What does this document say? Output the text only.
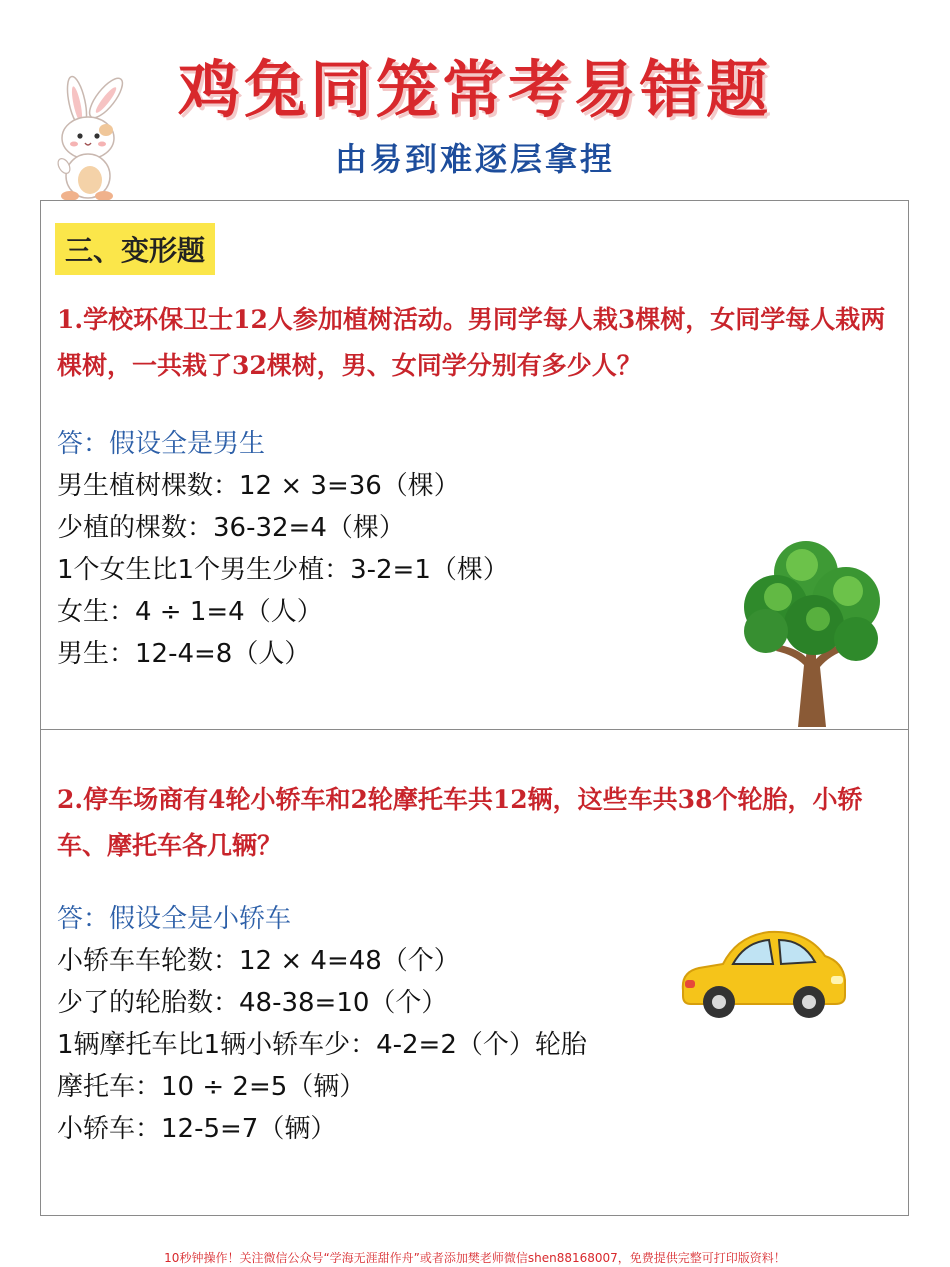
鸡兔同笼常考易错题
由易到难逐层拿捏
三、变形题
1.学校环保卫士12人参加植树活动。男同学每人栽3棵树，女同学每人栽两棵树，一共栽了32棵树，男、女同学分别有多少人？
答：假设全是男生
男生植树棵数：12 × 3=36（棵）
少植的棵数：36-32=4（棵）
1个女生比1个男生少植：3-2=1（棵）
女生：4 ÷ 1=4（人）
男生：12-4=8（人）
2.停车场商有4轮小轿车和2轮摩托车共12辆，这些车共38个轮胎，小轿车、摩托车各几辆？
答：假设全是小轿车
小轿车车轮数：12 × 4=48（个）
少了的轮胎数：48-38=10（个）
1辆摩托车比1辆小轿车少：4-2=2（个）轮胎
摩托车：10 ÷ 2=5（辆）
小轿车：12-5=7（辆）
10秒钟操作！关注微信公众号“学海无涯甜作舟”或者添加樊老师微信shen88168007，免费提供完整可打印版资料！
